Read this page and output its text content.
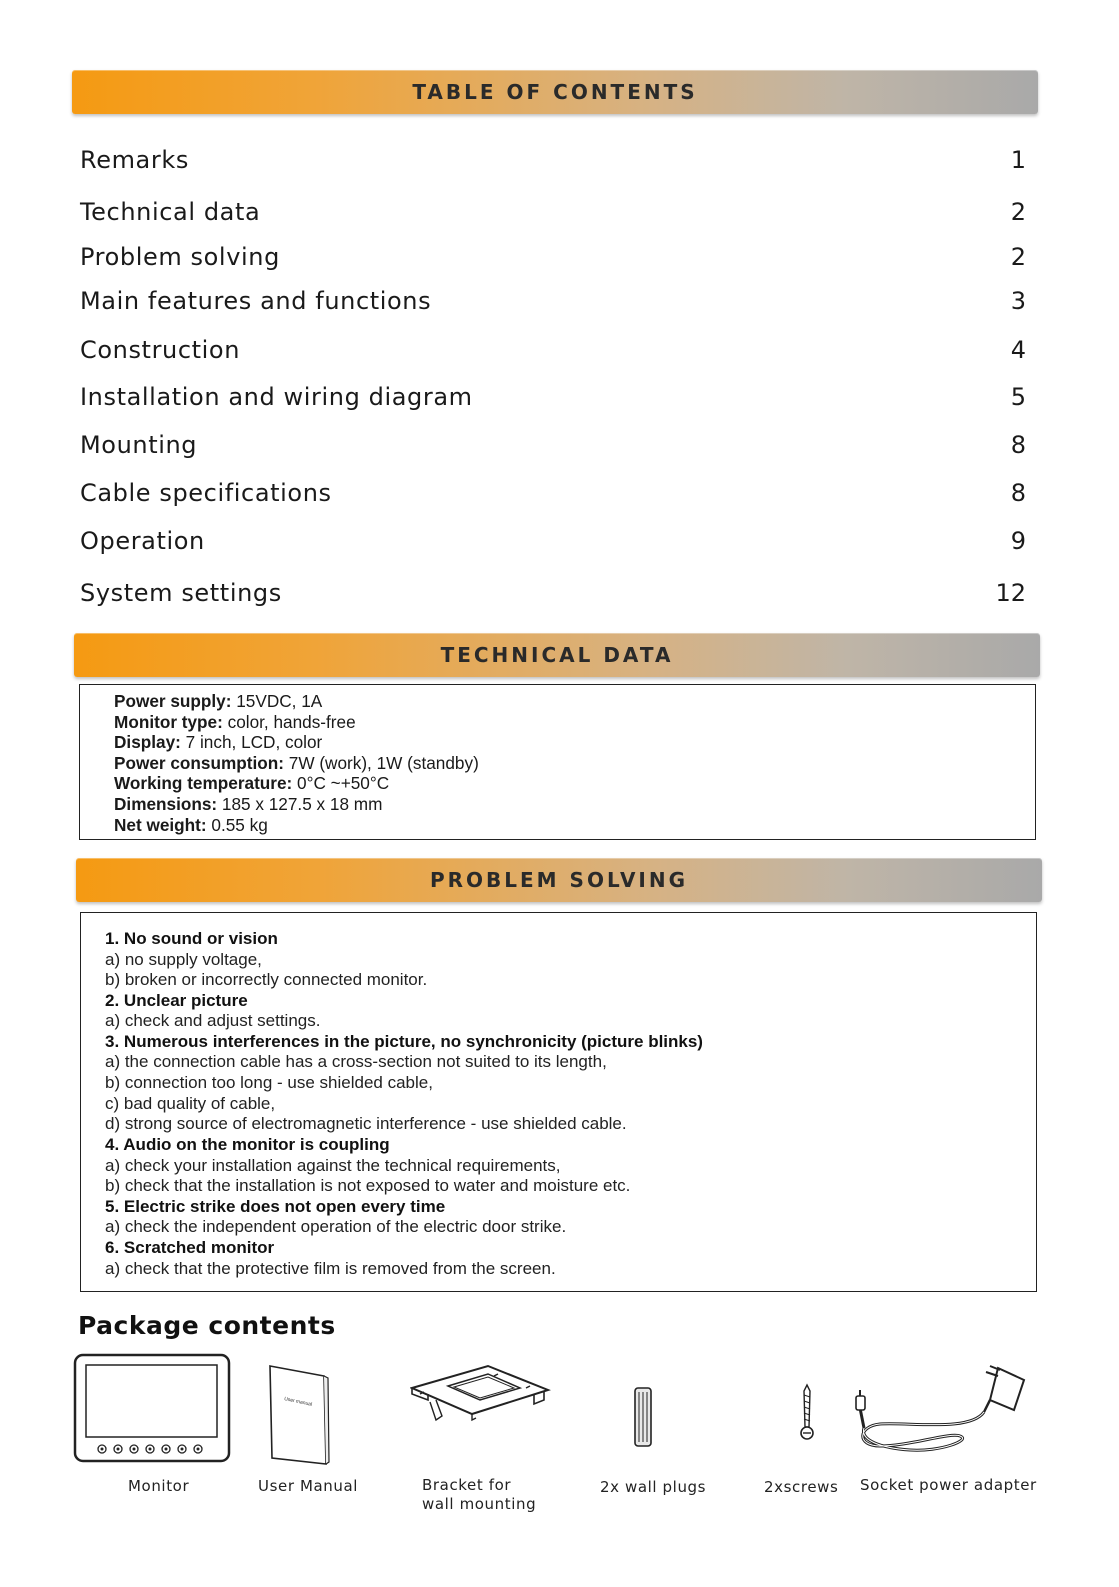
TABLE OF CONTENTS
Remarks	1
Technical data	2
Problem solving	2
Main features and functions	3
Construction	4
Installation and wiring diagram	5
Mounting	8
Cable specifications	8
Operation	9
System settings	12
TECHNICAL DATA
Power supply: 15VDC, 1A
Monitor type: color, hands-free
Display: 7 inch, LCD, color
Power consumption: 7W (work), 1W (standby)
Working temperature: 0°C ~+50°C
Dimensions: 185 x 127.5 x 18 mm
Net weight: 0.55 kg
PROBLEM SOLVING
1. No sound or vision
a) no supply voltage,
b) broken or incorrectly connected monitor.
2. Unclear picture
a) check and adjust settings.
3. Numerous interferences in the picture, no synchronicity (picture blinks)
a) the connection cable has a cross-section not suited to its length,
b) connection too long - use shielded cable,
c) bad quality of cable,
d) strong source of electromagnetic interference - use shielded cable.
4. Audio on the monitor is coupling
a) check your installation against the technical requirements,
b) check that the installation is not exposed to water and moisture etc.
5. Electric strike does not open every time
a) check the independent operation of the electric door strike.
6. Scratched monitor
a) check that the protective film is removed from the screen.
Package contents
Monitor
User manual
User Manual	Bracket for
wall mounting
2x wall plugs	2xscrews Socket power adapter
